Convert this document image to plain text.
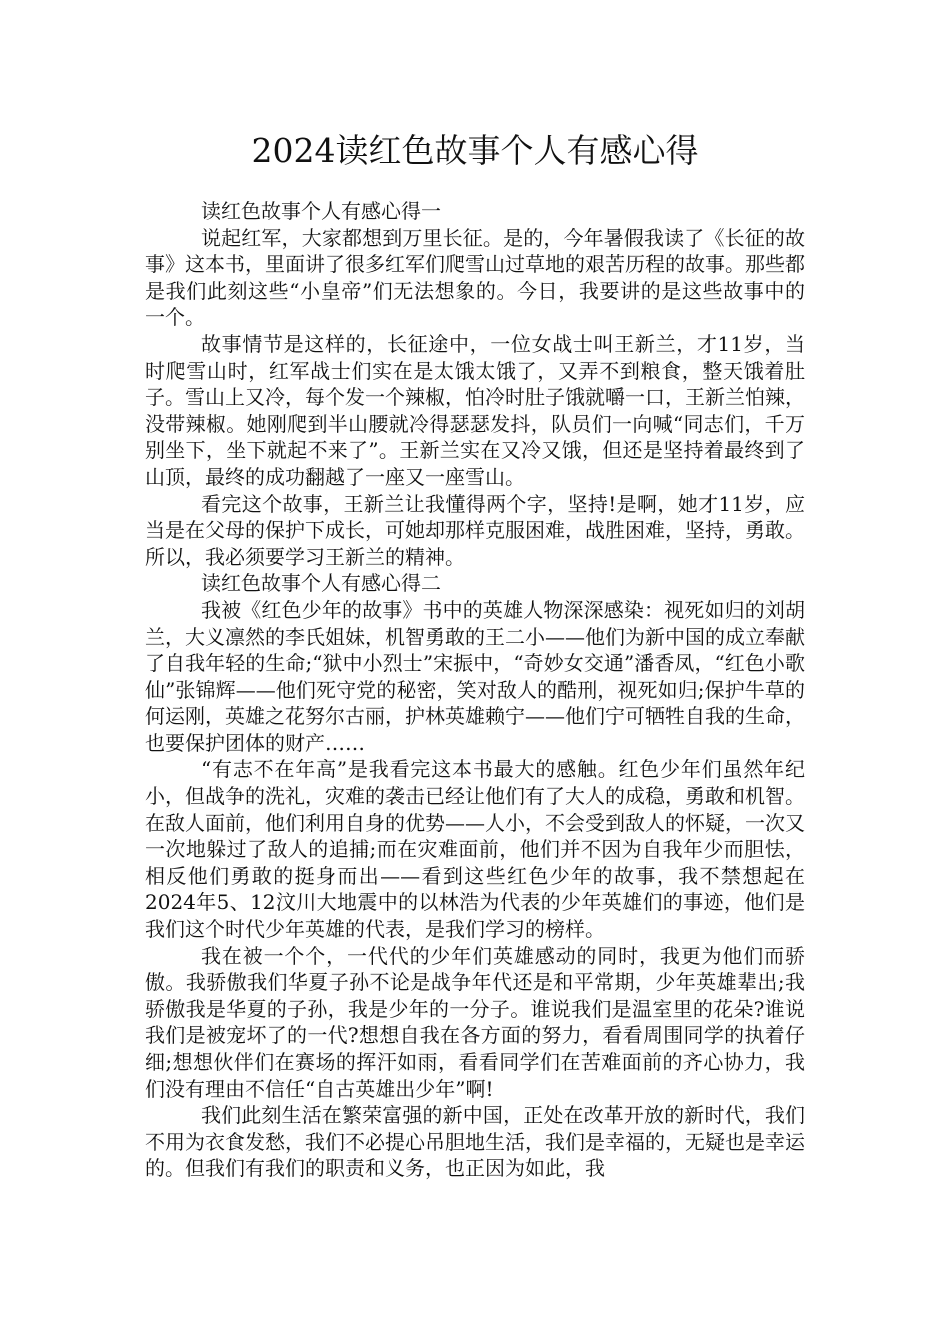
2024读红色故事个人有感心得

读红色故事个人有感心得一

说起红军，大家都想到万里长征。是的，今年暑假我读了《长征的故事》这本书，里面讲了很多红军们爬雪山过草地的艰苦历程的故事。那些都是我们此刻这些“小皇帝”们无法想象的。今日，我要讲的是这些故事中的一个。

故事情节是这样的，长征途中，一位女战士叫王新兰，才11岁，当时爬雪山时，红军战士们实在是太饿太饿了，又弄不到粮食，整天饿着肚子。雪山上又冷，每个发一个辣椒，怕冷时肚子饿就嚼一口，王新兰怕辣，没带辣椒。她刚爬到半山腰就冷得瑟瑟发抖，队员们一向喊“同志们，千万别坐下，坐下就起不来了”。王新兰实在又冷又饿，但还是坚持着最终到了山顶，最终的成功翻越了一座又一座雪山。

看完这个故事，王新兰让我懂得两个字，坚持!是啊，她才11岁，应当是在父母的保护下成长，可她却那样克服困难，战胜困难，坚持，勇敢。所以，我必须要学习王新兰的精神。

读红色故事个人有感心得二

我被《红色少年的故事》书中的英雄人物深深感染：视死如归的刘胡兰，大义凛然的李氏姐妹，机智勇敢的王二小——他们为新中国的成立奉献了自我年轻的生命;“狱中小烈士”宋振中，“奇妙女交通”潘香凤，“红色小歌仙”张锦辉——他们死守党的秘密，笑对敌人的酷刑，视死如归;保护牛草的何运刚，英雄之花努尔古丽，护林英雄赖宁——他们宁可牺牲自我的生命，也要保护团体的财产……

“有志不在年高”是我看完这本书最大的感触。红色少年们虽然年纪小，但战争的洗礼，灾难的袭击已经让他们有了大人的成稳，勇敢和机智。在敌人面前，他们利用自身的优势——人小，不会受到敌人的怀疑，一次又一次地躲过了敌人的追捕;而在灾难面前，他们并不因为自我年少而胆怯，相反他们勇敢的挺身而出——看到这些红色少年的故事，我不禁想起在2024年5、12汶川大地震中的以林浩为代表的少年英雄们的事迹，他们是我们这个时代少年英雄的代表，是我们学习的榜样。

我在被一个个，一代代的少年们英雄感动的同时，我更为他们而骄傲。我骄傲我们华夏子孙不论是战争年代还是和平常期，少年英雄辈出;我骄傲我是华夏的子孙，我是少年的一分子。谁说我们是温室里的花朵?谁说我们是被宠坏了的一代?想想自我在各方面的努力，看看周围同学的执着仔细;想想伙伴们在赛场的挥汗如雨，看看同学们在苦难面前的齐心协力，我们没有理由不信任“自古英雄出少年”啊!

我们此刻生活在繁荣富强的新中国，正处在改革开放的新时代，我们不用为衣食发愁，我们不必提心吊胆地生活，我们是幸福的，无疑也是幸运的。但我们有我们的职责和义务，也正因为如此，我
